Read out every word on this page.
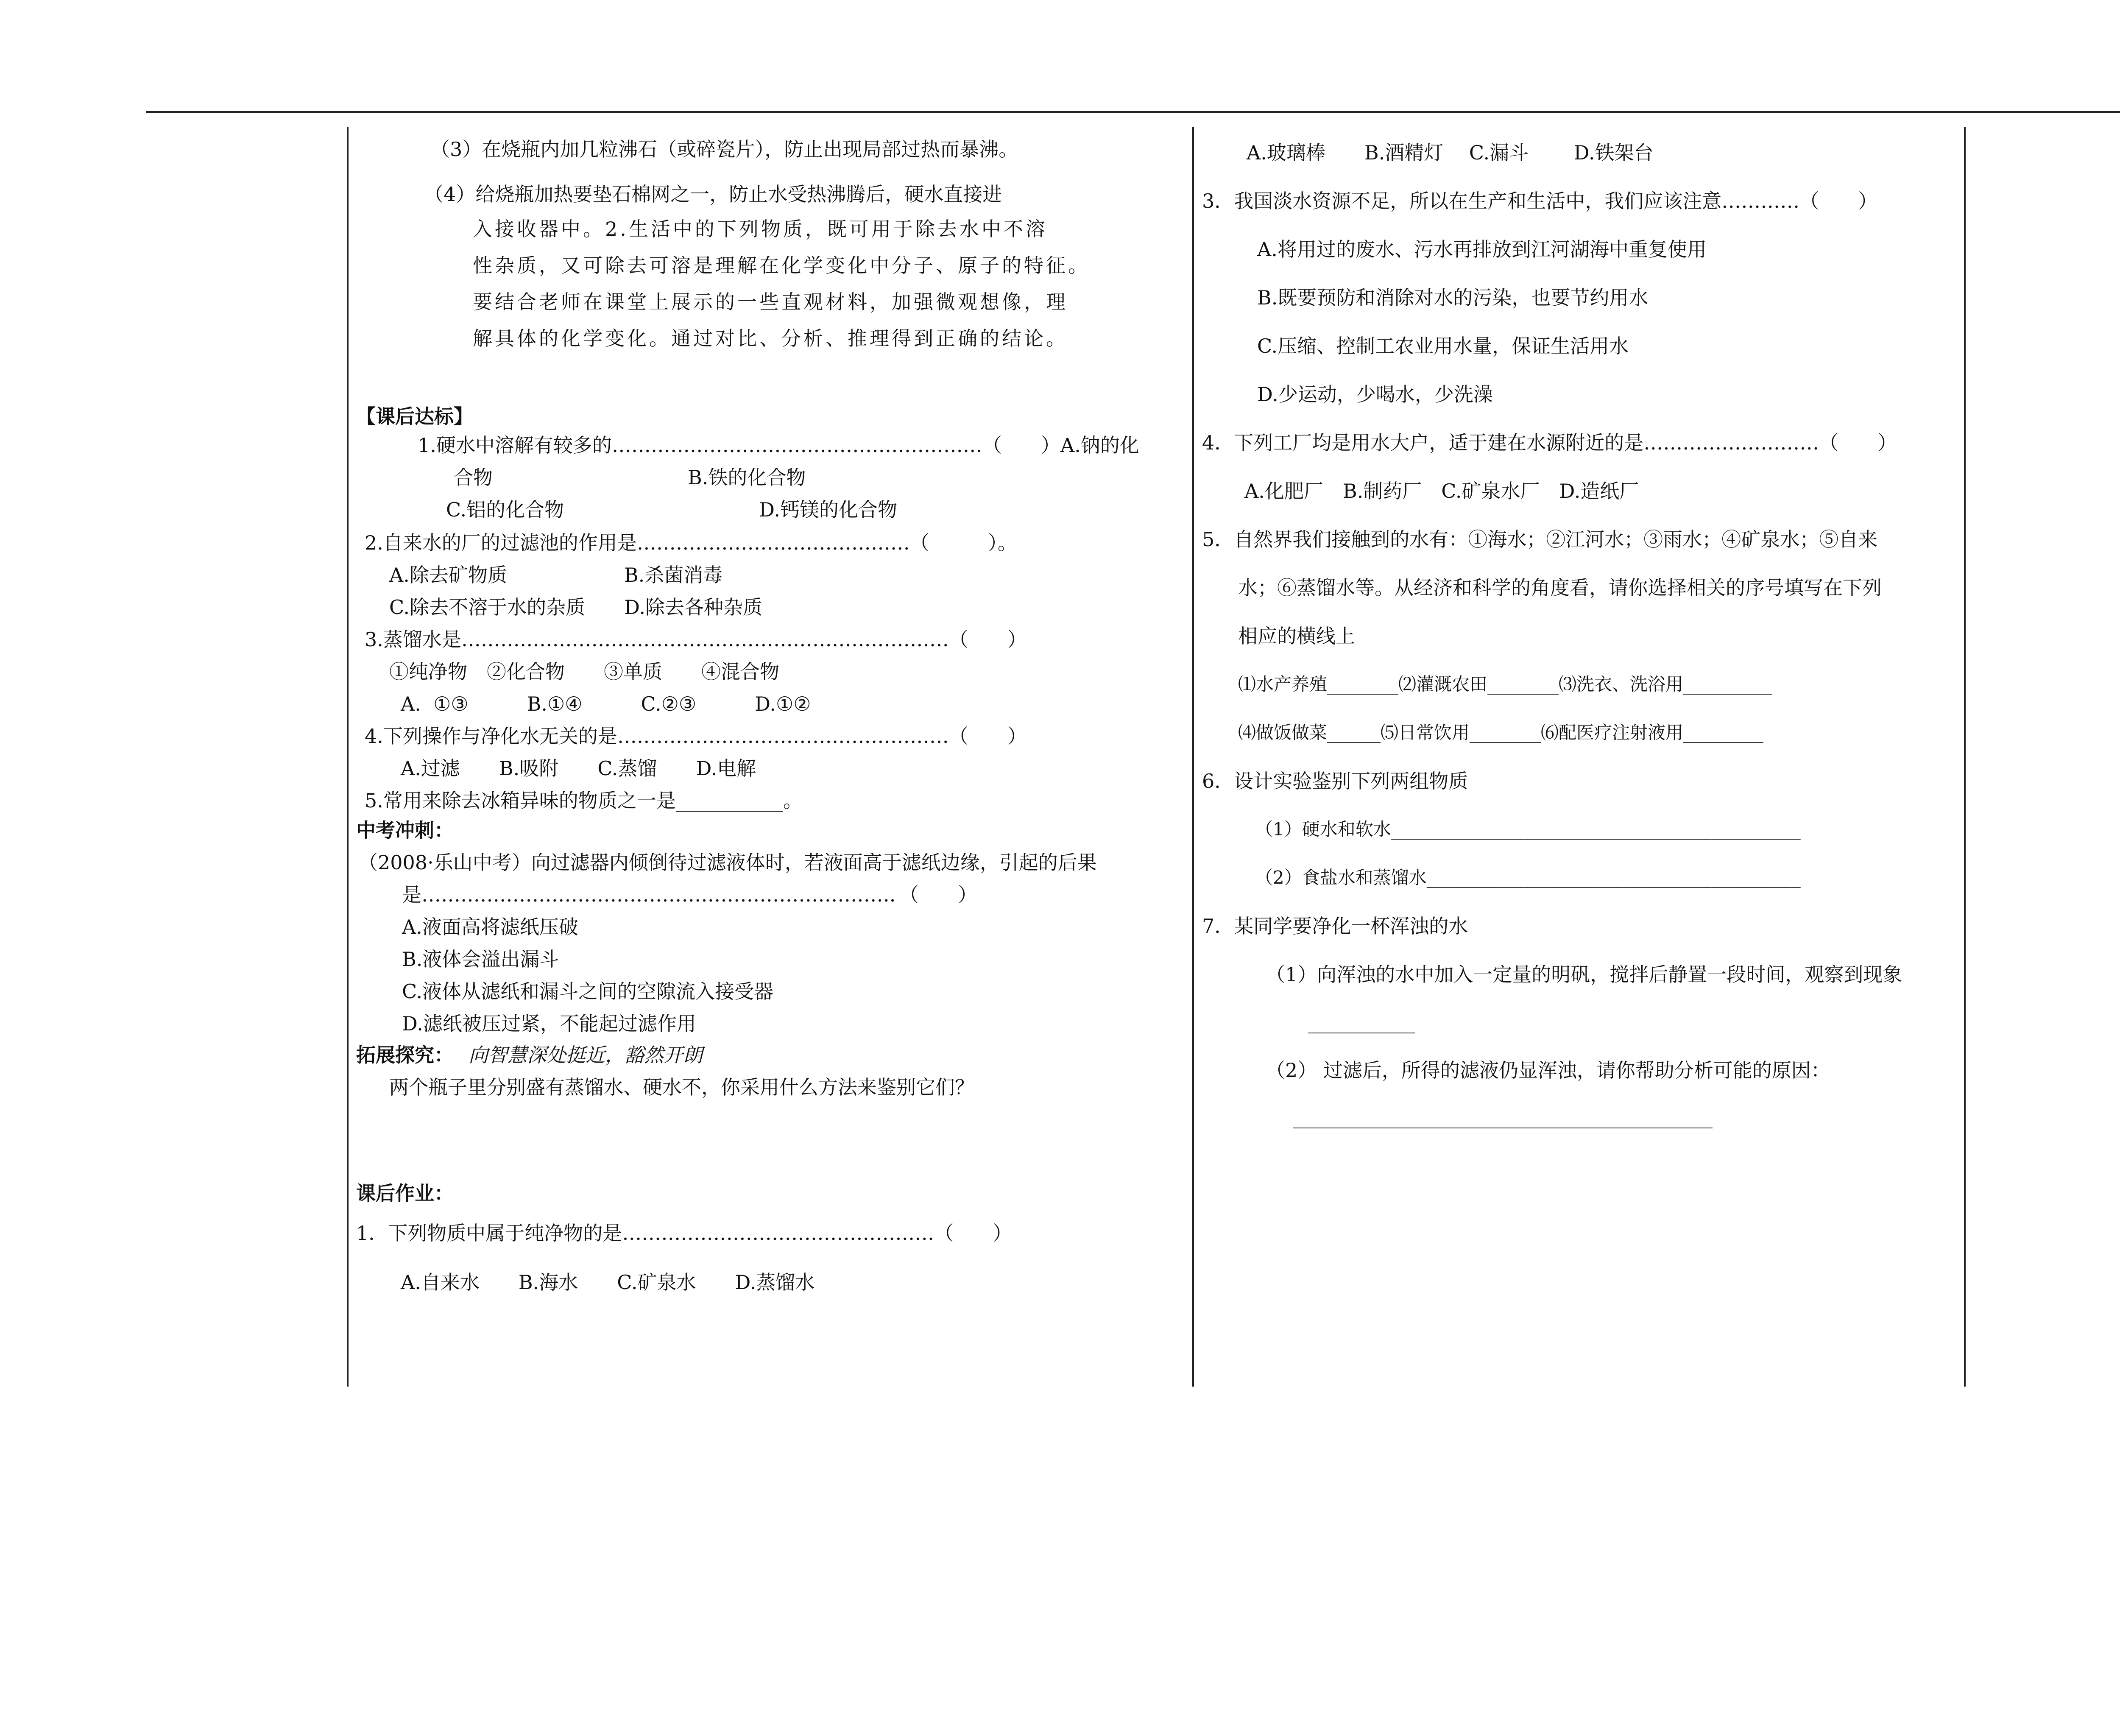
（3）在烧瓶内加几粒沸石（或碎瓷片），防止出现局部过热而暴沸。
（4）给烧瓶加热要垫石棉网之一，防止水受热沸腾后，硬水直接进
入接收器中。2.生活中的下列物质，既可用于除去水中不溶
性杂质，又可除去可溶是理解在化学变化中分子、原子的特征。
要结合老师在课堂上展示的一些直观材料，加强微观想像，理
解具体的化学变化。通过对比、分析、推理得到正确的结论。
【课后达标】
1.硬水中溶解有较多的…………………………………………………（　　）A.钠的化
合物　　　　　　　　　　B.铁的化合物
C.铝的化合物　　　　　　　　　　D.钙镁的化合物
2.自来水的厂的过滤池的作用是……………………………………（　　　）。
A.除去矿物质　　　　　　B.杀菌消毒
C.除去不溶于水的杂质　　D.除去各种杂质
3.蒸馏水是…………………………………………………………………（　　）
①纯净物　②化合物　　③单质　　④混合物
A.  ①③　　　B.①④　　　C.②③　　　D.①②
4.下列操作与净化水无关的是……………………………………………（　　）
A.过滤　　B.吸附　　C.蒸馏　　D.电解
5.常用来除去冰箱异味的物质之一是___________。
中考冲刺：
（2008·乐山中考）向过滤器内倾倒待过滤液体时，若液面高于滤纸边缘，引起的后果
是………………………………………………………………．（　　）
A.液面高将滤纸压破
B.液体会溢出漏斗
C.液体从滤纸和漏斗之间的空隙流入接受器
D.滤纸被压过紧，不能起过滤作用
拓展探究： 向智慧深处挺近，豁然开朗
两个瓶子里分别盛有蒸馏水、硬水不，你采用什么方法来鉴别它们？
课后作业：
1．下列物质中属于纯净物的是…………………………………………（　　）
A.自来水　　B.海水　　C.矿泉水　　D.蒸馏水
A.玻璃棒　　B.酒精灯　 C.漏斗　　 D.铁架台
3．我国淡水资源不足，所以在生产和生活中，我们应该注意…………（　　）
A.将用过的废水、污水再排放到江河湖海中重复使用
B.既要预防和消除对水的污染，也要节约用水
C.压缩、控制工农业用水量，保证生活用水
D.少运动，少喝水，少洗澡
4．下列工厂均是用水大户，适于建在水源附近的是………………………（　　）
A.化肥厂　B.制药厂　C.矿泉水厂　D.造纸厂
5．自然界我们接触到的水有：①海水；②江河水；③雨水；④矿泉水；⑤自来
水；⑥蒸馏水等。从经济和科学的角度看，请你选择相关的序号填写在下列
相应的横线上
⑴水产养殖________⑵灌溉农田________⑶洗衣、洗浴用__________
⑷做饭做菜______⑸日常饮用________⑹配医疗注射液用_________
6．设计实验鉴别下列两组物质
（1）硬水和软水______________________________________________
（2）食盐水和蒸馏水__________________________________________
7．某同学要净化一杯浑浊的水
（1）向浑浊的水中加入一定量的明矾，搅拌后静置一段时间，观察到现象
___________
（2） 过滤后，所得的滤液仍显浑浊，请你帮助分析可能的原因：
___________________________________________
